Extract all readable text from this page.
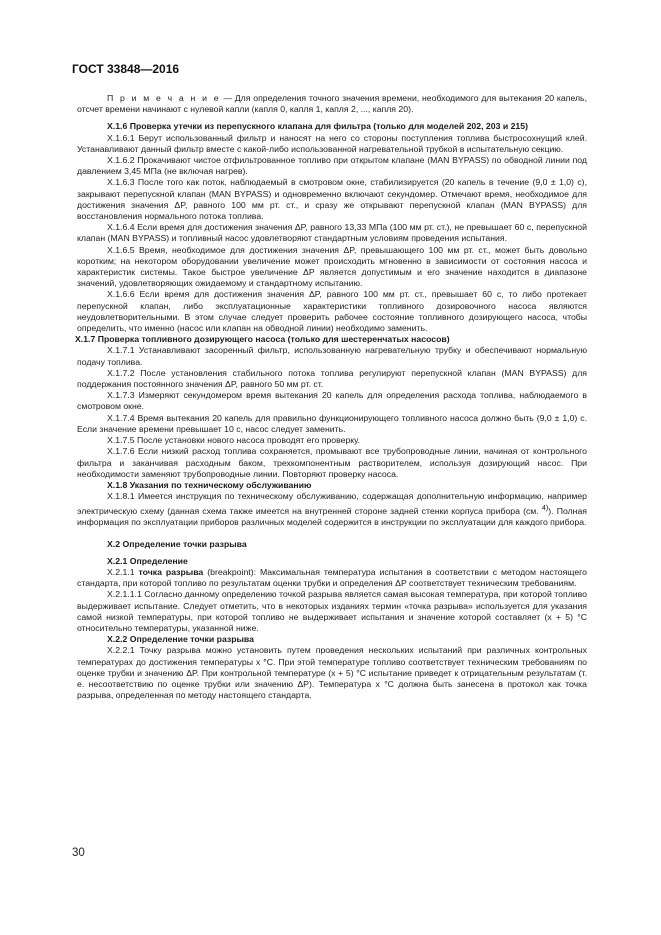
ГОСТ 33848—2016

П р и м е ч а н и е — Для определения точного значения времени, необходимого для вытекания 20 капель, отсчет времени начинают с нулевой капли (капля 0, капля 1, капля 2, ..., капля 20).

X.1.6 Проверка утечки из перепускного клапана для фильтра (только для моделей 202, 203 и 215)

X.1.6.1 Берут использованный фильтр и наносят на него со стороны поступления топлива быстросохнущий клей. Устанавливают данный фильтр вместе с какой-либо использованной нагревательной трубкой в испытательную секцию.

X.1.6.2 Прокачивают чистое отфильтрованное топливо при открытом клапане (MAN BYPASS) по обводной линии под давлением 3,45 МПа (не включая нагрев).

X.1.6.3 После того как поток, наблюдаемый в смотровом окне, стабилизируется (20 капель в течение (9,0 ± 1,0) с), закрывают перепускной клапан (MAN BYPASS) и одновременно включают секундомер. Отмечают время, необходимое для достижения значения ΔP, равного 100 мм рт. ст., и сразу же открывают перепускной клапан (MAN BYPASS) для восстановления нормального потока топлива.

X.1.6.4 Если время для достижения значения ΔP, равного 13,33 МПа (100 мм рт. ст.), не превышает 60 с, перепускной клапан (MAN BYPASS) и топливный насос удовлетворяют стандартным условиям проведения испытания.

X.1.6.5 Время, необходимое для достижения значения ΔP, превышающего 100 мм рт. ст., может быть довольно коротким; на некотором оборудовании увеличение может происходить мгновенно в зависимости от состояния насоса и характеристик системы. Такое быстрое увеличение ΔP является допустимым и его значение находится в диапазоне значений, удовлетворяющих ожидаемому и стандартному испытанию.

X.1.6.6 Если время для достижения значения ΔP, равного 100 мм рт. ст., превышает 60 с, то либо протекает перепускной клапан, либо эксплуатационные характеристики топливного дозировочного насоса являются неудовлетворительными. В этом случае следует проверить рабочее состояние топливного дозирующего насоса, чтобы определить, что именно (насос или клапан на обводной линии) необходимо заменить.

X.1.7 Проверка топливного дозирующего насоса (только для шестеренчатых насосов)

X.1.7.1 Устанавливают засоренный фильтр, использованную нагревательную трубку и обеспечивают нормальную подачу топлива.

X.1.7.2 После установления стабильного потока топлива регулируют перепускной клапан (MAN BYPASS) для поддержания постоянного значения ΔP, равного 50 мм рт. ст.

X.1.7.3 Измеряют секундомером время вытекания 20 капель для определения расхода топлива, наблюдаемого в смотровом окне.

X.1.7.4 Время вытекания 20 капель для правильно функционирующего топливного насоса должно быть (9,0 ± 1,0) с. Если значение времени превышает 10 с, насос следует заменить.

X.1.7.5 После установки нового насоса проводят его проверку.

X.1.7.6 Если низкий расход топлива сохраняется, промывают все трубопроводные линии, начиная от контрольного фильтра и заканчивая расходным баком, трехкомпонентным растворителем, используя дозирующий насос. При необходимости заменяют трубопроводные линии. Повторяют проверку насоса.

X.1.8 Указания по техническому обслуживанию

X.1.8.1 Имеется инструкция по техническому обслуживанию, содержащая дополнительную информацию, например электрическую схему (данная схема также имеется на внутренней стороне задней стенки корпуса прибора (см. $^{4)}$). Полная информация по эксплуатации приборов различных моделей содержится в инструкции по эксплуатации для каждого прибора.

X.2 Определение точки разрыва

X.2.1 Определение

X.2.1.1 точка разрыва (breakpoint): Максимальная температура испытания в соответствии с методом настоящего стандарта, при которой топливо по результатам оценки трубки и определения ΔP соответствует техническим требованиям.

X.2.1.1.1 Согласно данному определению точкой разрыва является самая высокая температура, при которой топливо выдерживает испытание. Следует отметить, что в некоторых изданиях термин «точка разрыва» используется для указания самой низкой температуры, при которой топливо не выдерживает испытания и значение которой составляет (x + 5) °С относительно температуры, указанной ниже.

X.2.2 Определение точки разрыва

X.2.2.1 Точку разрыва можно установить путем проведения нескольких испытаний при различных контрольных температурах до достижения температуры x °С. При этой температуре топливо соответствует техническим требованиям по оценке трубки и значению ΔP. При контрольной температуре (x + 5) °С испытание приведет к отрицательным результатам (т. е. несоответствию по оценке трубки или значению ΔP). Температура x °С должна быть занесена в протокол как точка разрыва, определенная по методу настоящего стандарта.

30
